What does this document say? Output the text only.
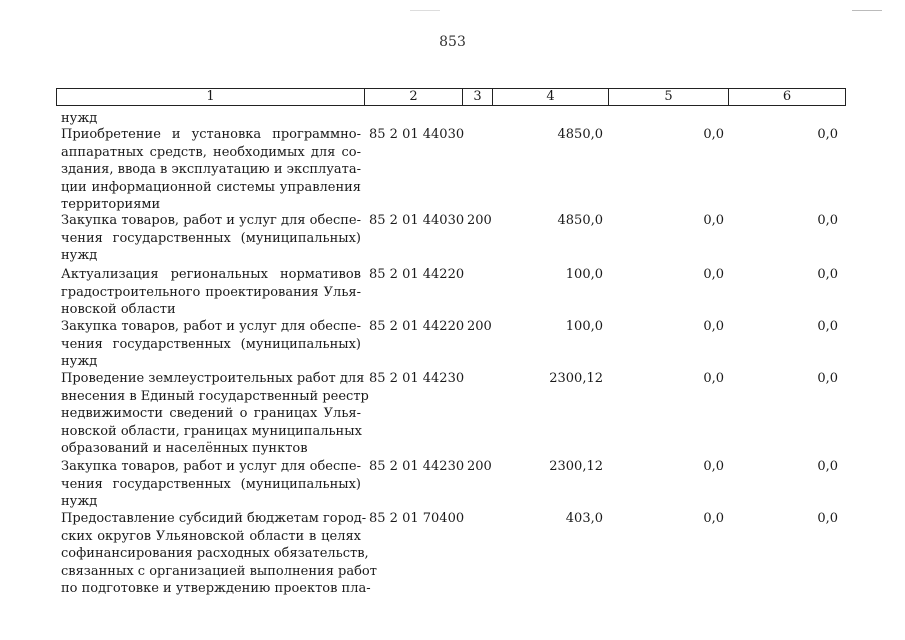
853
1	2	3	4	5	6
нужд
Приобретение и установка программно-
аппаратных средств, необходимых для со-
здания, ввода в эксплуатацию и эксплуата-
ции информационной системы управления
территориями
85 2 01 44030	4850,0	0,0	0,0
Закупка товаров, работ и услуг для обеспе-
чения государственных (муниципальных)
нужд
85 2 01 44030 200	4850,0	0,0	0,0
Актуализация региональных нормативов
градостроительного проектирования Улья-
новской области
85 2 01 44220	100,0	0,0	0,0
Закупка товаров, работ и услуг для обеспе-
чения государственных (муниципальных)
нужд
85 2 01 44220 200	100,0	0,0	0,0
Проведение землеустроительных работ для
внесения в Единый государственный реестр
недвижимости сведений о границах Улья-
новской области, границах муниципальных
образований и населённых пунктов
85 2 01 44230	2300,12	0,0	0,0
Закупка товаров, работ и услуг для обеспе-
чения государственных (муниципальных)
нужд
85 2 01 44230 200	2300,12	0,0	0,0
Предоставление субсидий бюджетам город-
ских округов Ульяновской области в целях
софинансирования расходных обязательств,
связанных с организацией выполнения работ
по подготовке и утверждению проектов пла-
85 2 01 70400	403,0	0,0	0,0
